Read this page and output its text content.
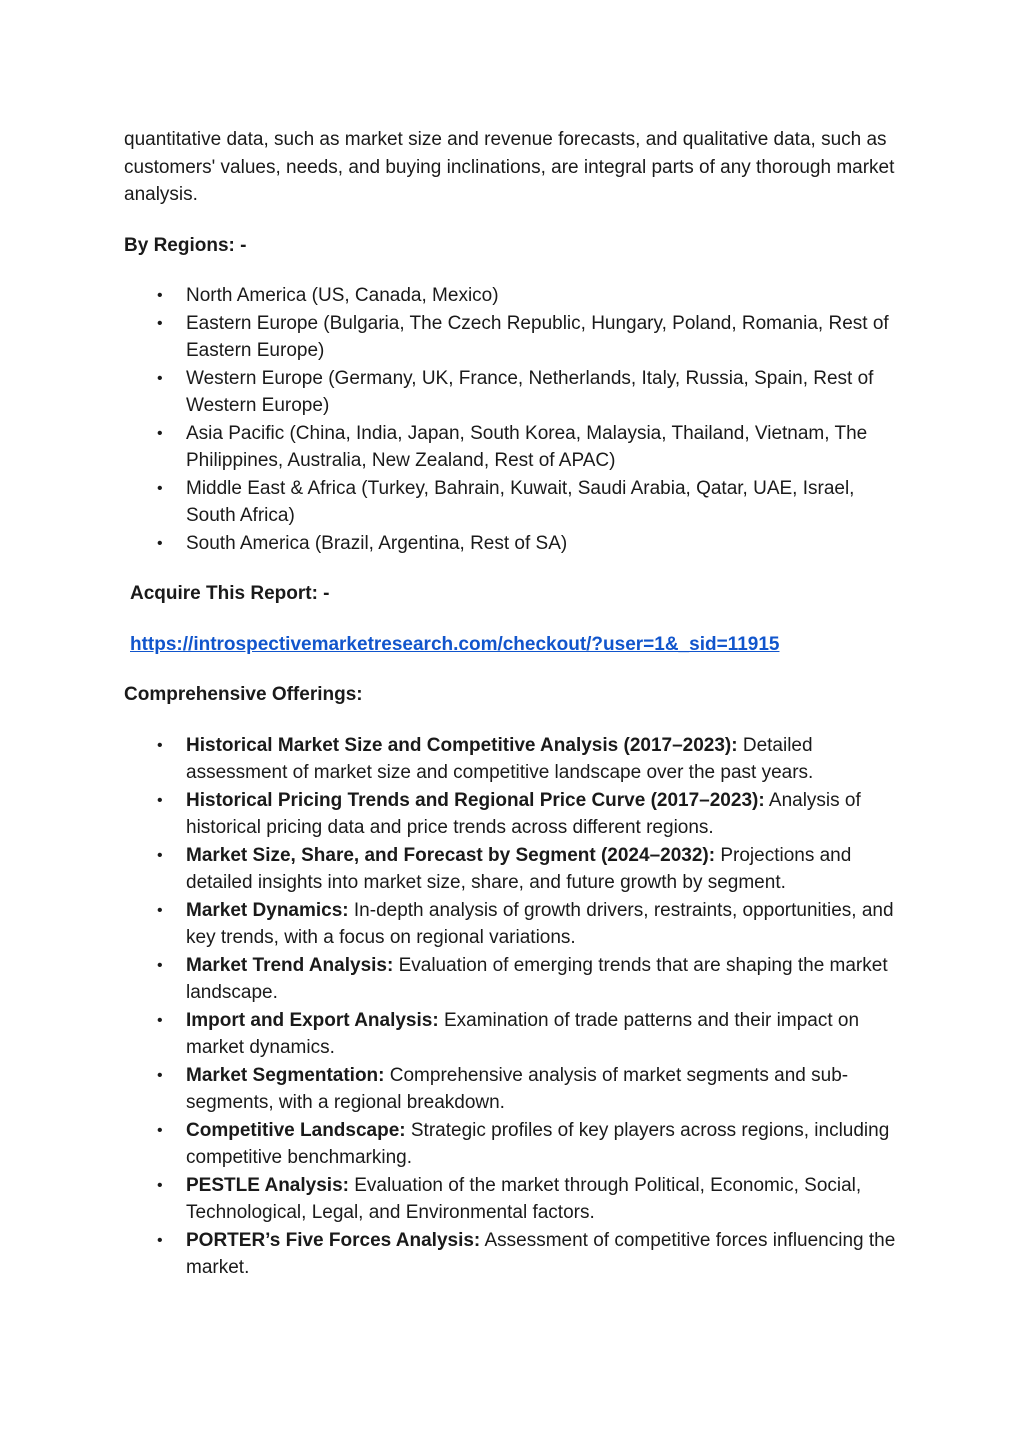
quantitative data, such as market size and revenue forecasts, and qualitative data, such as customers' values, needs, and buying inclinations, are integral parts of any thorough market analysis.

By Regions: -

• North America (US, Canada, Mexico)
• Eastern Europe (Bulgaria, The Czech Republic, Hungary, Poland, Romania, Rest of Eastern Europe)
• Western Europe (Germany, UK, France, Netherlands, Italy, Russia, Spain, Rest of Western Europe)
• Asia Pacific (China, India, Japan, South Korea, Malaysia, Thailand, Vietnam, The Philippines, Australia, New Zealand, Rest of APAC)
• Middle East & Africa (Turkey, Bahrain, Kuwait, Saudi Arabia, Qatar, UAE, Israel, South Africa)
• South America (Brazil, Argentina, Rest of SA)

Acquire This Report: -

https://introspectivemarketresearch.com/checkout/?user=1&_sid=11915

Comprehensive Offerings:

• Historical Market Size and Competitive Analysis (2017–2023): Detailed assessment of market size and competitive landscape over the past years.
• Historical Pricing Trends and Regional Price Curve (2017–2023): Analysis of historical pricing data and price trends across different regions.
• Market Size, Share, and Forecast by Segment (2024–2032): Projections and detailed insights into market size, share, and future growth by segment.
• Market Dynamics: In-depth analysis of growth drivers, restraints, opportunities, and key trends, with a focus on regional variations.
• Market Trend Analysis: Evaluation of emerging trends that are shaping the market landscape.
• Import and Export Analysis: Examination of trade patterns and their impact on market dynamics.
• Market Segmentation: Comprehensive analysis of market segments and sub-segments, with a regional breakdown.
• Competitive Landscape: Strategic profiles of key players across regions, including competitive benchmarking.
• PESTLE Analysis: Evaluation of the market through Political, Economic, Social, Technological, Legal, and Environmental factors.
• PORTER’s Five Forces Analysis: Assessment of competitive forces influencing the market.
